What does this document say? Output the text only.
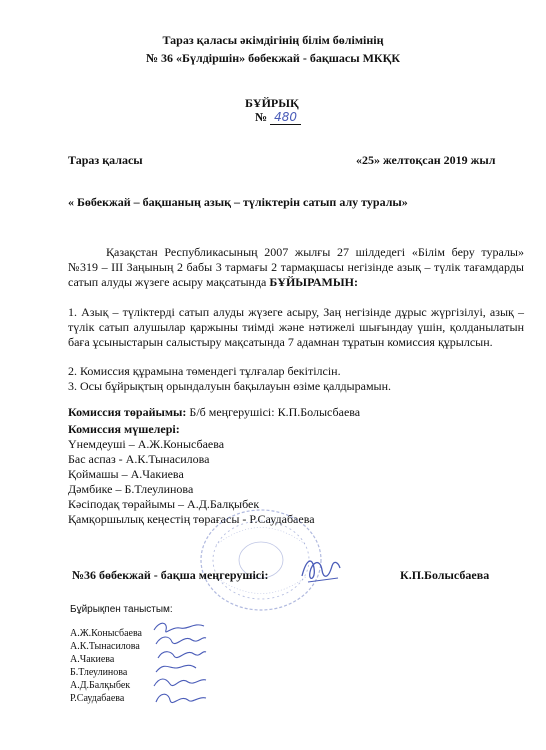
Тараз қаласы әкімдігінің білім бөлімінің
№ 36 «Бүлдіршін» бөбекжай - бақшасы МКҚК
БҰЙРЫҚ
№ 480
Тараз қаласы	«25» желтоқсан 2019 жыл
« Бөбекжай – бақшаның азық – түліктерін сатып алу туралы»
Қазақстан Республикасының 2007 жылғы 27 шілдедегі «Білім беру туралы» №319 – ІІІ Заңының 2 бабы 3 тармағы 2 тармақшасы негізінде азық – түлік тағамдарды сатып алуды жүзеге асыру мақсатында БҰЙЫРАМЫН:
1. Азық – түліктерді сатып алуды жүзеге асыру, Заң негізінде дұрыс жүргізілуі, азық –түлік сатып алушылар қаржыны тиімді және нәтижелі шығындау үшін, қолданылатын баға ұсыныстарын салыстыру мақсатында 7 адамнан тұратын комиссия құрылсын.
2. Комиссия құрамына төмендегі тұлғалар бекітілсін.
3. Осы бұйрықтың орындалуын бақылауын өзіме қалдырамын.
Комиссия төрайымы: Б/б меңгерушісі: К.П.Болысбаева
Комиссия мүшелері:
Үнемдеуші – А.Ж.Конысбаева
Бас аспаз - А.К.Тынасилова
Қоймашы – А.Чакиева
Дәмбике – Б.Тлеулинова
Кәсіподақ төрайымы – А.Д.Балқыбек
Қамқоршылық кеңестің төрағасы - Р.Саудабаева
№36 бөбекжай - бақша меңгерушісі:	К.П.Болысбаева
Бұйрықпен таныстым:
А.Ж.Конысбаева
А.К.Тынасилова
А.Чакиева
Б.Тлеулинова
А.Д.Балқыбек
Р.Саудабаева
